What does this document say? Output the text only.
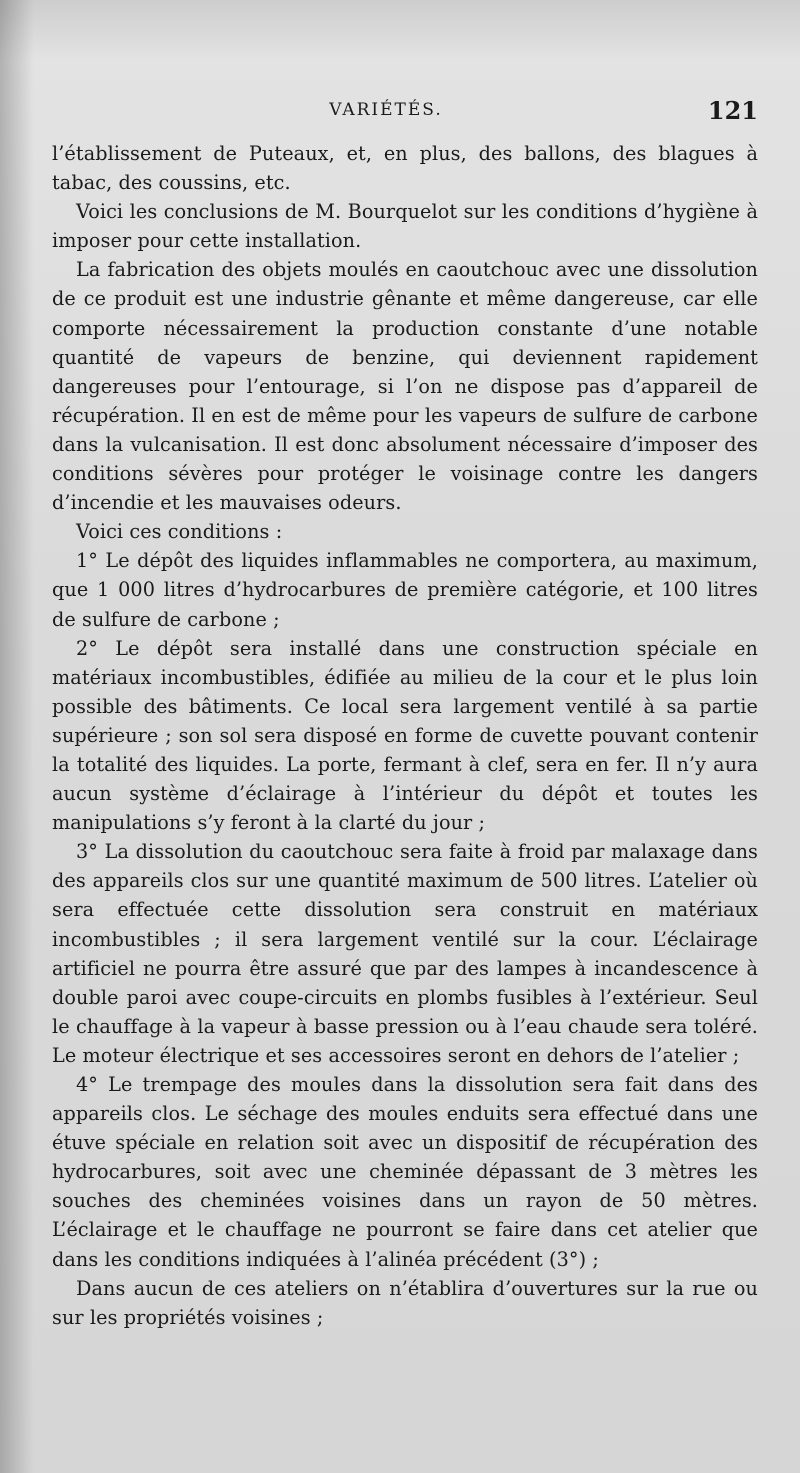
VARIÉTÉS.	121

l’établissement de Puteaux, et, en plus, des ballons, des blagues à tabac, des coussins, etc.

Voici les conclusions de M. Bourquelot sur les conditions d’hygiène à imposer pour cette installation.

La fabrication des objets moulés en caoutchouc avec une dissolution de ce produit est une industrie gênante et même dangereuse, car elle comporte nécessairement la production constante d’une notable quantité de vapeurs de benzine, qui deviennent rapidement dangereuses pour l’entourage, si l’on ne dispose pas d’appareil de récupération. Il en est de même pour les vapeurs de sulfure de carbone dans la vulcanisation. Il est donc absolument nécessaire d’imposer des conditions sévères pour protéger le voisinage contre les dangers d’incendie et les mauvaises odeurs.

Voici ces conditions :

1° Le dépôt des liquides inflammables ne comportera, au maximum, que 1 000 litres d’hydrocarbures de première catégorie, et 100 litres de sulfure de carbone ;

2° Le dépôt sera installé dans une construction spéciale en matériaux incombustibles, édifiée au milieu de la cour et le plus loin possible des bâtiments. Ce local sera largement ventilé à sa partie supérieure ; son sol sera disposé en forme de cuvette pouvant contenir la totalité des liquides. La porte, fermant à clef, sera en fer. Il n’y aura aucun système d’éclairage à l’intérieur du dépôt et toutes les manipulations s’y feront à la clarté du jour ;

3° La dissolution du caoutchouc sera faite à froid par malaxage dans des appareils clos sur une quantité maximum de 500 litres. L’atelier où sera effectuée cette dissolution sera construit en matériaux incombustibles ; il sera largement ventilé sur la cour. L’éclairage artificiel ne pourra être assuré que par des lampes à incandescence à double paroi avec coupe-circuits en plombs fusibles à l’extérieur. Seul le chauffage à la vapeur à basse pression ou à l’eau chaude sera toléré. Le moteur électrique et ses accessoires seront en dehors de l’atelier ;

4° Le trempage des moules dans la dissolution sera fait dans des appareils clos. Le séchage des moules enduits sera effectué dans une étuve spéciale en relation soit avec un dispositif de récupération des hydrocarbures, soit avec une cheminée dépassant de 3 mètres les souches des cheminées voisines dans un rayon de 50 mètres. L’éclairage et le chauffage ne pourront se faire dans cet atelier que dans les conditions indiquées à l’alinéa précédent (3°) ;

Dans aucun de ces ateliers on n’établira d’ouvertures sur la rue ou sur les propriétés voisines ;
